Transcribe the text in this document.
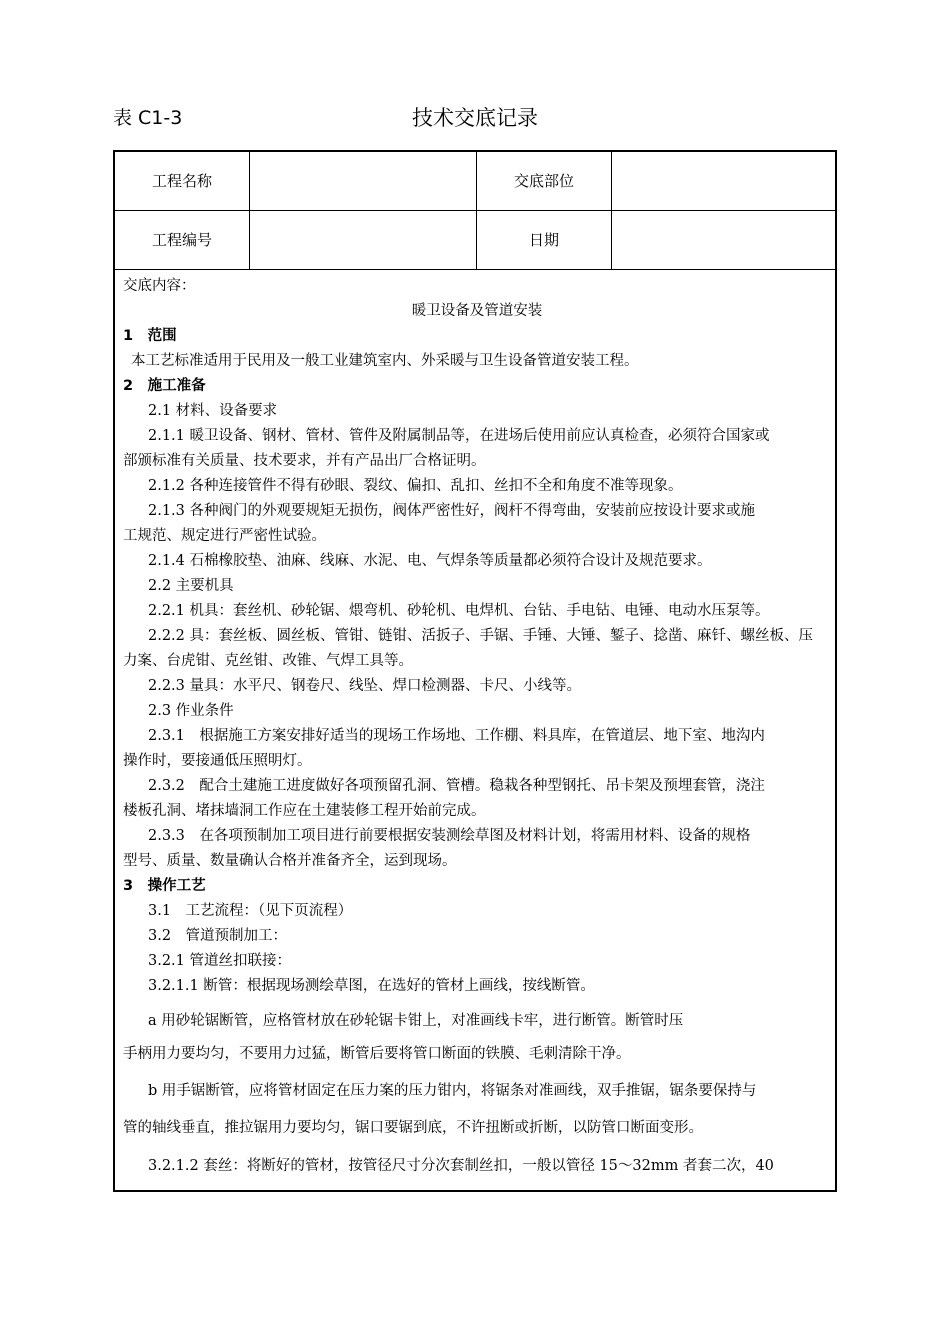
表 C1-3	技术交底记录
工程名称	交底部位
工程编号	日期
交底内容：
暖卫设备及管道安装
1　范围
本工艺标准适用于民用及一般工业建筑室内、外采暖与卫生设备管道安装工程。
2　施工准备
2.1 材料、设备要求
2.1.1 暖卫设备、钢材、管材、管件及附属制品等，在进场后使用前应认真检查，必须符合国家或
部颁标准有关质量、技术要求，并有产品出厂合格证明。
2.1.2 各种连接管件不得有砂眼、裂纹、偏扣、乱扣、丝扣不全和角度不准等现象。
2.1.3 各种阀门的外观要规矩无损伤，阀体严密性好，阀杆不得弯曲，安装前应按设计要求或施
工规范、规定进行严密性试验。
2.1.4 石棉橡胶垫、油麻、线麻、水泥、电、气焊条等质量都必须符合设计及规范要求。
2.2 主要机具
2.2.1 机具：套丝机、砂轮锯、煨弯机、砂轮机、电焊机、台钻、手电钻、电锤、电动水压泵等。
2.2.2 具：套丝板、圆丝板、管钳、链钳、活扳子、手锯、手锤、大锤、錾子、捻凿、麻钎、螺丝板、压
力案、台虎钳、克丝钳、改锥、气焊工具等。
2.2.3 量具：水平尺、钢卷尺、线坠、焊口检测器、卡尺、小线等。
2.3 作业条件
2.3.1　根据施工方案安排好适当的现场工作场地、工作棚、料具库，在管道层、地下室、地沟内
操作时，要接通低压照明灯。
2.3.2　配合土建施工进度做好各项预留孔洞、管槽。稳栽各种型钢托、吊卡架及预埋套管，浇注
楼板孔洞、堵抹墙洞工作应在土建装修工程开始前完成。
2.3.3　在各项预制加工项目进行前要根据安装测绘草图及材料计划，将需用材料、设备的规格
型号、质量、数量确认合格并准备齐全，运到现场。
3　操作工艺
3.1　工艺流程：（见下页流程）
3.2　管道预制加工：
3.2.1 管道丝扣联接：
3.2.1.1 断管：根据现场测绘草图，在选好的管材上画线，按线断管。
a 用砂轮锯断管，应格管材放在砂轮锯卡钳上，对准画线卡牢，进行断管。断管时压
手柄用力要均匀，不要用力过猛，断管后要将管口断面的铁膜、毛刺清除干净。
b 用手锯断管，应将管材固定在压力案的压力钳内，将锯条对准画线，双手推锯，锯条要保持与
管的轴线垂直，推拉锯用力要均匀，锯口要锯到底，不许扭断或折断，以防管口断面变形。
3.2.1.2 套丝：将断好的管材，按管径尺寸分次套制丝扣，一般以管径 15～32mm 者套二次，40
